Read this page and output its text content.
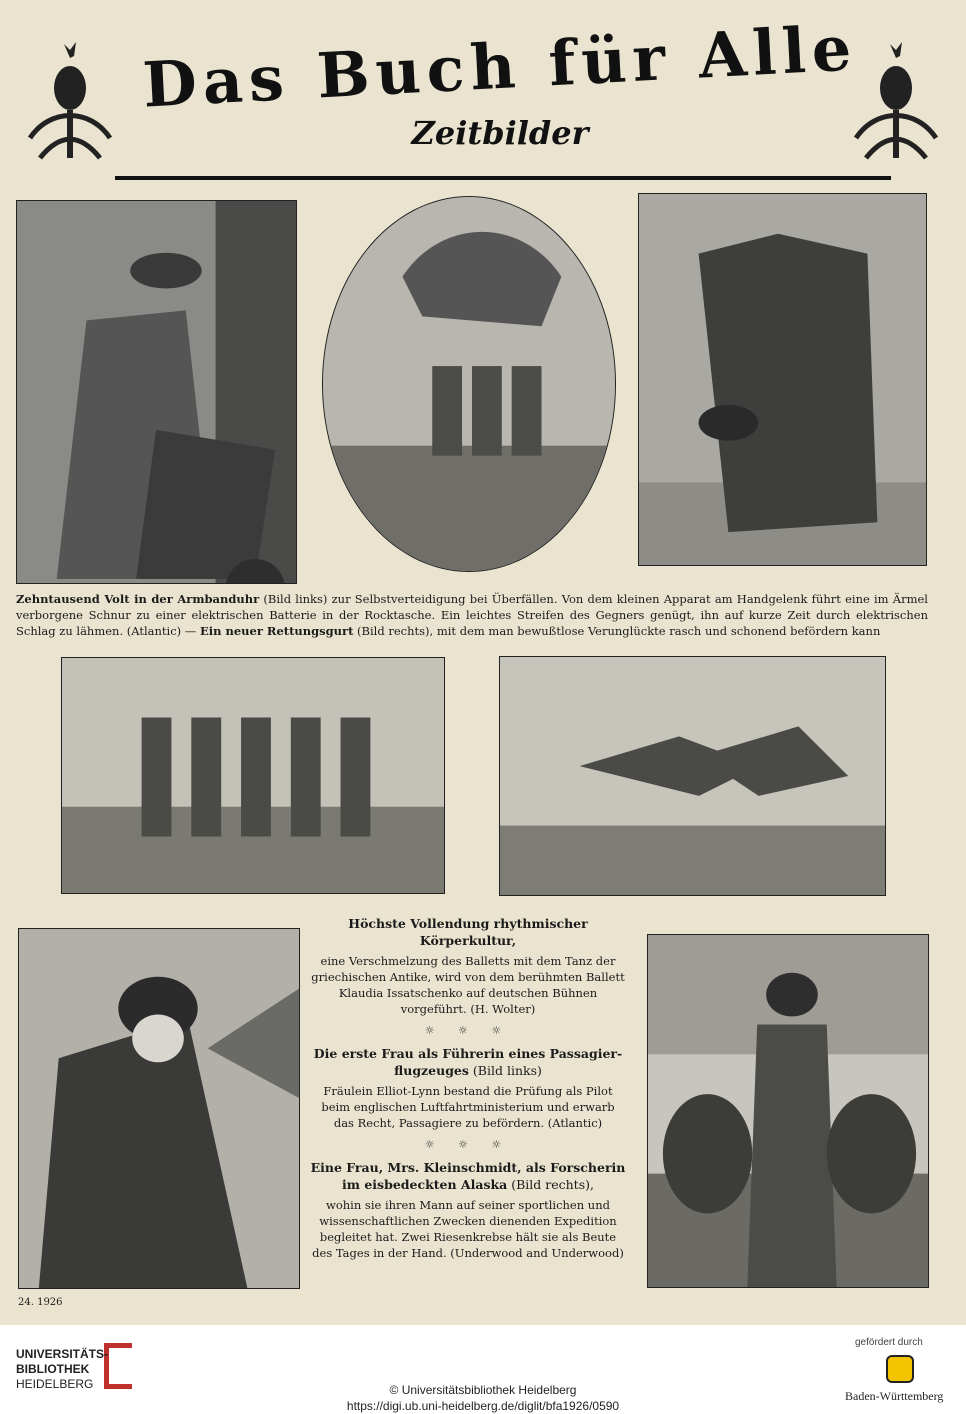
Das Buch für Alle
Zeitbilder
Zehntausend Volt in der Armbanduhr (Bild links) zur Selbstverteidigung bei Überfällen. Von dem kleinen Apparat am Handgelenk führt eine im Ärmel verborgene Schnur zu einer elektrischen Batterie in der Rocktasche. Ein leichtes Streifen des Gegners genügt, ihn auf kurze Zeit durch elektrischen Schlag zu lähmen. (Atlantic) — Ein neuer Rettungsgurt (Bild rechts), mit dem man bewußtlose Verunglückte rasch und schonend befördern kann
Höchste Vollendung rhythmischer Körperkultur,
eine Verschmelzung des Balletts mit dem Tanz der griechischen Antike, wird von dem berühmten Ballett Klaudia Issatschenko auf deutschen Bühnen vorgeführt. (H. Wolter)
☼ ☼ ☼
Die erste Frau als Führerin eines Passagier-flugzeuges (Bild links)
Fräulein Elliot-Lynn bestand die Prüfung als Pilot beim englischen Luftfahrtministerium und erwarb das Recht, Passagiere zu befördern. (Atlantic)
☼ ☼ ☼
Eine Frau, Mrs. Kleinschmidt, als Forscherin im eisbedeckten Alaska (Bild rechts),
wohin sie ihren Mann auf seiner sportlichen und wissenschaftlichen Zwecken dienenden Expedition begleitet hat. Zwei Riesenkrebse hält sie als Beute des Tages in der Hand. (Underwood and Underwood)
24. 1926
UNIVERSITÄTS-
BIBLIOTHEK
HEIDELBERG	© Universitätsbibliothek Heidelberg
https://digi.ub.uni-heidelberg.de/diglit/bfa1926/0590
gefördert durch
Baden-Württemberg
